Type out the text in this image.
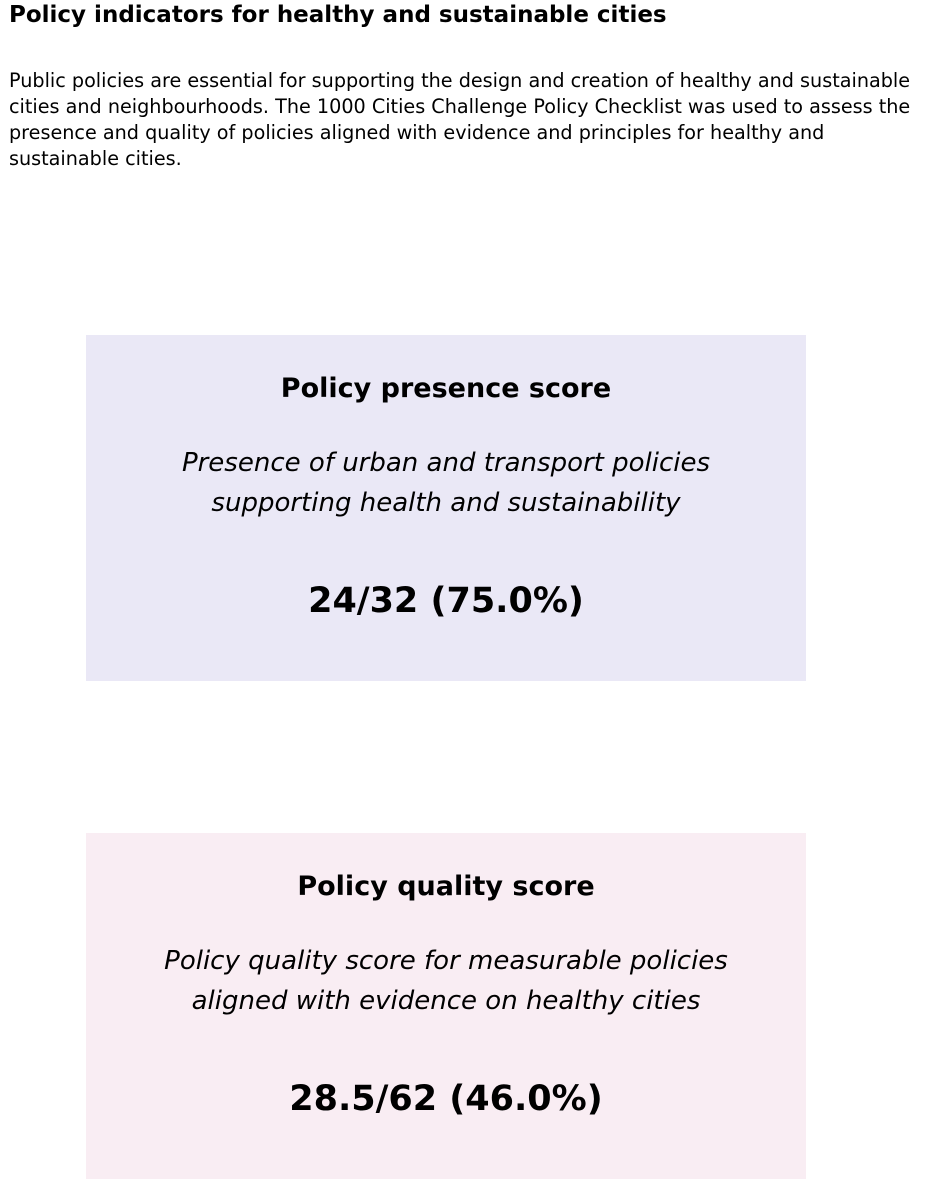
Policy indicators for healthy and sustainable cities

Public policies are essential for supporting the design and creation of healthy and sustainable cities and neighbourhoods. The 1000 Cities Challenge Policy Checklist was used to assess the presence and quality of policies aligned with evidence and principles for healthy and sustainable cities.

Policy presence score
Presence of urban and transport policies
supporting health and sustainability
24/32 (75.0%)
Policy quality score
Policy quality score for measurable policies
aligned with evidence on healthy cities
28.5/62 (46.0%)
